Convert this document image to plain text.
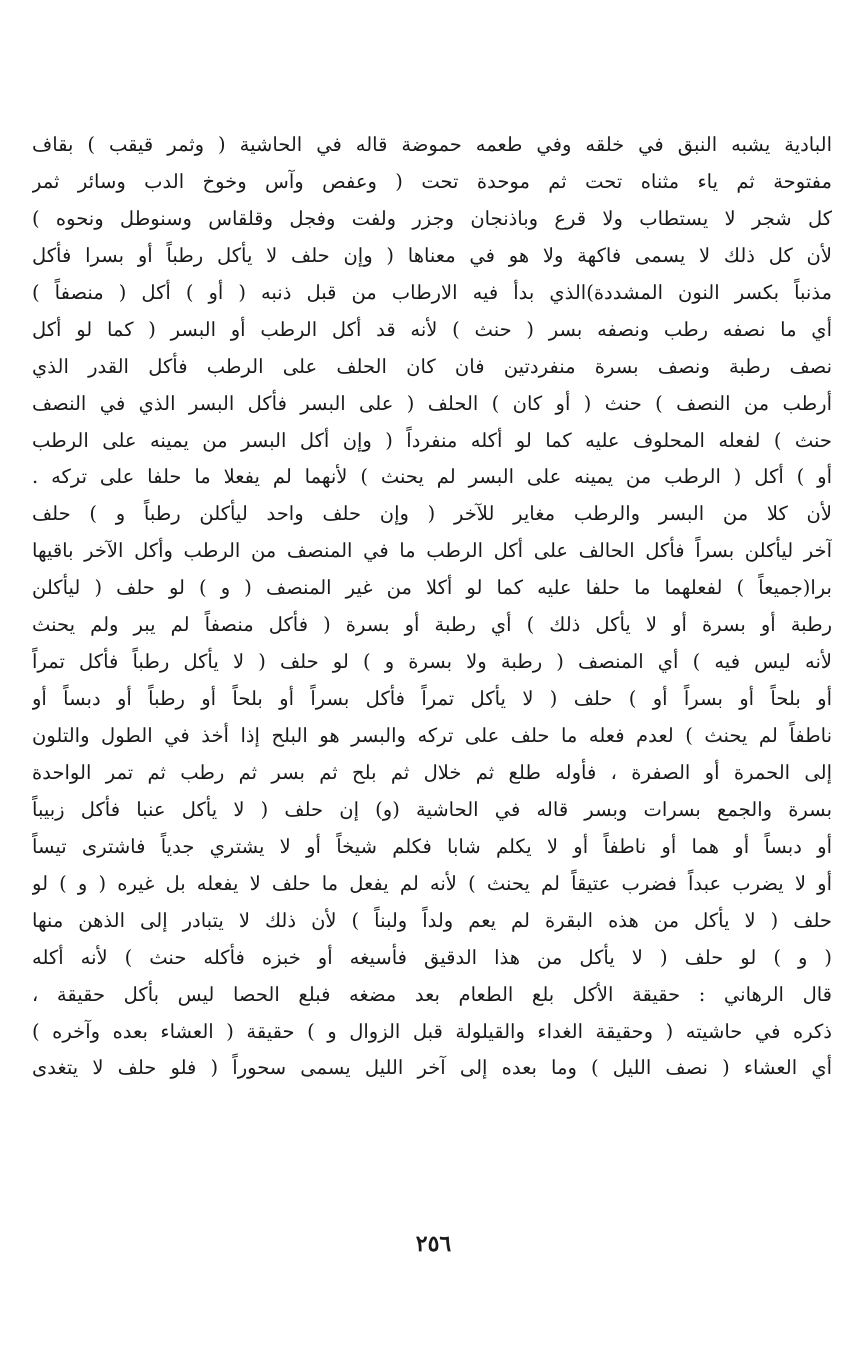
البادية يشبه النبق في خلقه وفي طعمه حموضة قاله في الحاشية ( وثمر قيقب ) بقاف
مفتوحة ثم ياء مثناه تحت ثم موحدة تحت ( وعفص وآس وخوخ الدب وسائر ثمر
كل شجر لا يستطاب ولا قرع وباذنجان وجزر ولفت وفجل وقلقاس وسنوطل ونحوه )
لأن كل ذلك لا يسمى فاكهة ولا هو في معناها ( وإن حلف لا يأكل رطباً أو بسرا فأكل
مذنباً بكسر النون المشددة)الذي بدأ فيه الارطاب من قبل ذنبه ( أو ) أكل ( منصفاً )
أي ما نصفه رطب ونصفه بسر ( حنث ) لأنه قد أكل الرطب أو البسر ( كما لو أكل
نصف رطبة ونصف بسرة منفردتين فان كان الحلف على الرطب فأكل القدر الذي
أرطب من النصف ) حنث ( أو كان ) الحلف ( على البسر فأكل البسر الذي في النصف
حنث ) لفعله المحلوف عليه كما لو أكله منفرداً ( وإن أكل البسر من يمينه على الرطب
أو ) أكل ( الرطب من يمينه على البسر لم يحنث ) لأنهما لم يفعلا ما حلفا على تركه .
لأن كلا من البسر والرطب مغاير للآخر ( وإن حلف واحد ليأكلن رطباً و ) حلف
آخر ليأكلن بسراً فأكل الحالف على أكل الرطب ما في المنصف من الرطب وأكل الآخر باقيها
برا(جميعاً ) لفعلهما ما حلفا عليه كما لو أكلا من غير المنصف ( و ) لو حلف ( ليأكلن
رطبة أو بسرة أو لا يأكل ذلك ) أي رطبة أو بسرة ( فأكل منصفاً لم يبر ولم يحنث
لأنه ليس فيه ) أي المنصف ( رطبة ولا بسرة و ) لو حلف ( لا يأكل رطباً فأكل تمراً
أو بلحاً أو بسراً أو ) حلف ( لا يأكل تمراً فأكل بسراً أو بلحاً أو رطباً أو دبساً أو
ناطفاً لم يحنث ) لعدم فعله ما حلف على تركه والبسر هو البلح إذا أخذ في الطول والتلون
إلى الحمرة أو الصفرة ، فأوله طلع ثم خلال ثم بلح ثم بسر ثم رطب ثم تمر الواحدة
بسرة والجمع بسرات وبسر قاله في الحاشية (و) إن حلف ( لا يأكل عنبا فأكل زبيباً
أو دبساً أو هما أو ناطفاً أو لا يكلم شابا فكلم شيخاً أو لا يشتري جدياً فاشترى تيساً
أو لا يضرب عبداً فضرب عتيقاً لم يحنث ) لأنه لم يفعل ما حلف لا يفعله بل غيره ( و ) لو
حلف ( لا يأكل من هذه البقرة لم يعم ولداً ولبناً ) لأن ذلك لا يتبادر إلى الذهن منها
( و ) لو حلف ( لا يأكل من هذا الدقيق فأسيغه أو خبزه فأكله حنث ) لأنه أكله
قال الرهاني : حقيقة الأكل بلع الطعام بعد مضغه فبلع الحصا ليس بأكل حقيقة ،
ذكره في حاشيته ( وحقيقة الغداء والقيلولة قبل الزوال و ) حقيقة ( العشاء بعده وآخره )
أي العشاء ( نصف الليل ) وما بعده إلى آخر الليل يسمى سحوراً ( فلو حلف لا يتغدى
٢٥٦
